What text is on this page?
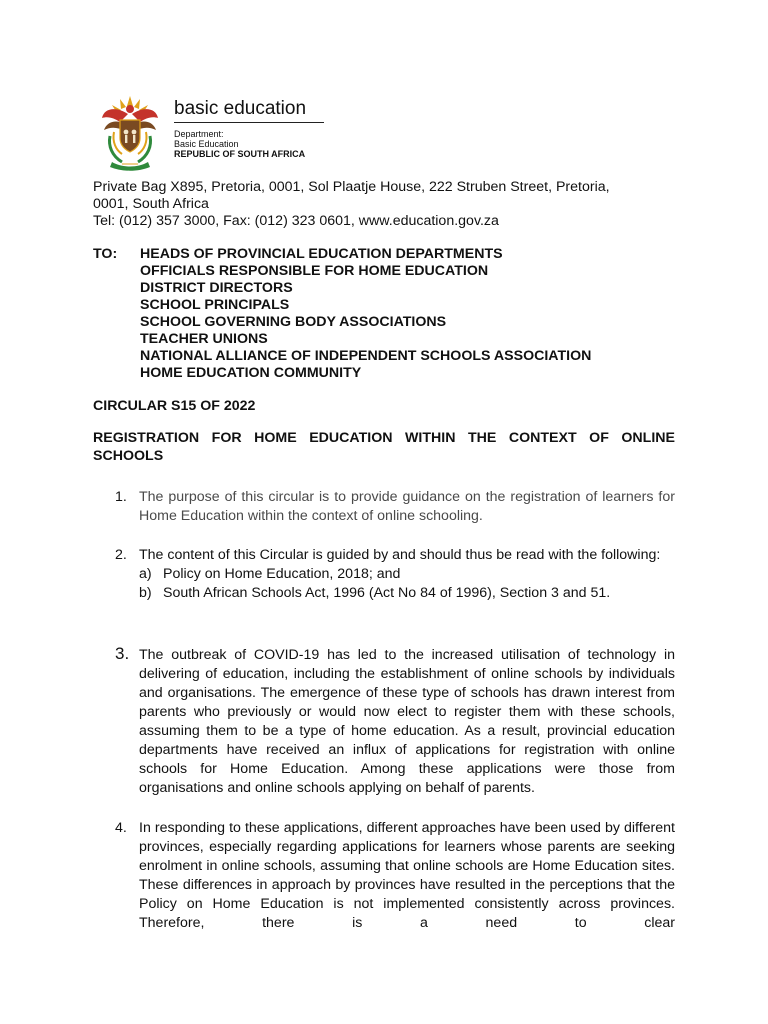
basic education
Department:
Basic Education
REPUBLIC OF SOUTH AFRICA
Private Bag X895, Pretoria, 0001, Sol Plaatje House, 222 Struben Street, Pretoria,
0001, South Africa
Tel: (012) 357 3000, Fax: (012) 323 0601, www.education.gov.za
TO: HEADS OF PROVINCIAL EDUCATION DEPARTMENTS
OFFICIALS RESPONSIBLE FOR HOME EDUCATION
DISTRICT DIRECTORS
SCHOOL PRINCIPALS
SCHOOL GOVERNING BODY ASSOCIATIONS
TEACHER UNIONS
NATIONAL ALLIANCE OF INDEPENDENT SCHOOLS ASSOCIATION
HOME EDUCATION COMMUNITY
CIRCULAR S15 OF 2022
REGISTRATION FOR HOME EDUCATION WITHIN THE CONTEXT OF ONLINE SCHOOLS
1. The purpose of this circular is to provide guidance on the registration of learners for Home Education within the context of online schooling.
2. The content of this Circular is guided by and should thus be read with the following:
a) Policy on Home Education, 2018; and
b) South African Schools Act, 1996 (Act No 84 of 1996), Section 3 and 51.
3. The outbreak of COVID-19 has led to the increased utilisation of technology in delivering of education, including the establishment of online schools by individuals and organisations. The emergence of these type of schools has drawn interest from parents who previously or would now elect to register them with these schools, assuming them to be a type of home education. As a result, provincial education departments have received an influx of applications for registration with online schools for Home Education. Among these applications were those from organisations and online schools applying on behalf of parents.
4. In responding to these applications, different approaches have been used by different provinces, especially regarding applications for learners whose parents are seeking enrolment in online schools, assuming that online schools are Home Education sites. These differences in approach by provinces have resulted in the perceptions that the Policy on Home Education is not implemented consistently across provinces. Therefore, there is a need to clear
